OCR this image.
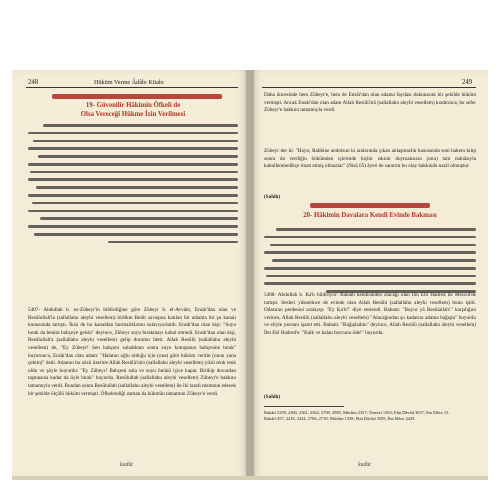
248	Hüküm Verme Âdâbı Kitabı
19- Güvenilir Hâkimin Öfkeli de
Olsa Vereceği Hükme İzin Verilmesi

5407- Abdullah b. ez-Zübeyr'in bildirdiğine göre Zübeyr b. el-Avvâm, Ensâr'dan olan ve Resûlullah'la (sallallahu aleyhi vesellem) birlikte Bedir savaşına katılan bir adamla bir şu kanalı konusunda tartıştı. İkisi de bu kanaldan hurmalıklarını sulavıyorlardı. Ensâr'dan olan kişi: "Suyu bırak da benim bahçeye gelsin" deyince, Zübeyr suyu bırakmayı kabul etmedi. Ensâr'dan olan kişi, Resûlullah'a (sallallahu aleyhi vesellem) gelip durumu iletti. Allah Resûlü (sallallahu aleyhi vesellem) de, "Ey Zübeyr! Sen bahçeni suladıktan sonra suyu komşunun bahçesine bırak" buyurunca, Ensâr'dan olan adam: "Halanın oğlu olduğu için (ona) göre hüküm verdin (onun yana çektin)" dedi. Adamın bu sözü üzerine Allah Resûlü'nün (sallallahu aleyhi vesellem) yüzü renk renk oldu ve şöyle buyurdu: "Ey Zübeyr! Bahçeni sula ve suyu önünü içice kapat. Birikip duvardan taşmasına kadar da öyle bırak" buyurdu. Resûlullah (sallallahu aleyhi vesellem) Zübeyr'e hakkını tamamıyla verdi. Bundan sonra Resûlullah (sallallahu aleyhi vesellem) ile iki tarafı memnun edecek bir şekilde ölçülü hüküm vermişti. Öfkelendiği zaman da hükmün tamamını Zübeyr'e verdi.

kudüt
249

Daha öncesinde hem Zübeyr'e, hem de Ensâr'dan olan adama faydası dokunacak bir şekilde hüküm vermişti. Ancak Ensâr'dan olan adam Allah Resûlü'nü (sallallahu aleyhi vesellem) kızdırınca, bu sefer Zübeyr'e hakkını tamamıyla verdi.

Zübeyr der ki: "Hayır, Rabbine andolsun ki aralarında çıkan anlaşmazlık hususunda seni hakem kılıp sonra da verdiğin hükümden içlerinde hiçbir sıkıntı duymaksızın (onu) tam mânâsıyla kabullenmedikçe iman etmiş olmazlar" (Nisâ 65) âyeti de sanırım bu olay hakkında nazil olmuştur.

(Sahih)
20- Hâkimin Davalara Kendi Evinde Bakması

5408- Abdullah b. Ka'b bildiriyor: Babam kendisinden alacağı olan İbn Ebî Hadred ile Mescid'de tartıştı. Sesleri yükselince de evinde olan Allah Resûlü (sallallahu aleyhi vesellem) bunu işitti. Odasının perdesini aralayıp: "Ey Ka'b!" diye seslendi. Babam: "Buyur yâ Resûlallah!" karşılığını verince, Allah Resûlü (sallallahu aleyhi vesellem) "Alacağından şu kadarını adama bağışla" buyurdu ve eliyle yarısını işaret etti. Babam: "Bağışladım" deyince, Allah Resûlü (sallallahu aleyhi vesellem) İbn Ebî Hadred'e: "Kalk ve kalan borcunu öde!" buyurdu.

(Sahih)

Buhârî 2359, 2360, 2361, 2362, 2708, 4585; Müslim 2357; Tirmizî 1363; Ebû Dâvûd 3637; İbn Mâce 15.

Buhârî 457, 2418, 2424, 2706, 2710; Müslim 1558; Ebû Dâvûd 3595; İbn Mâce 2429.

kudüt
